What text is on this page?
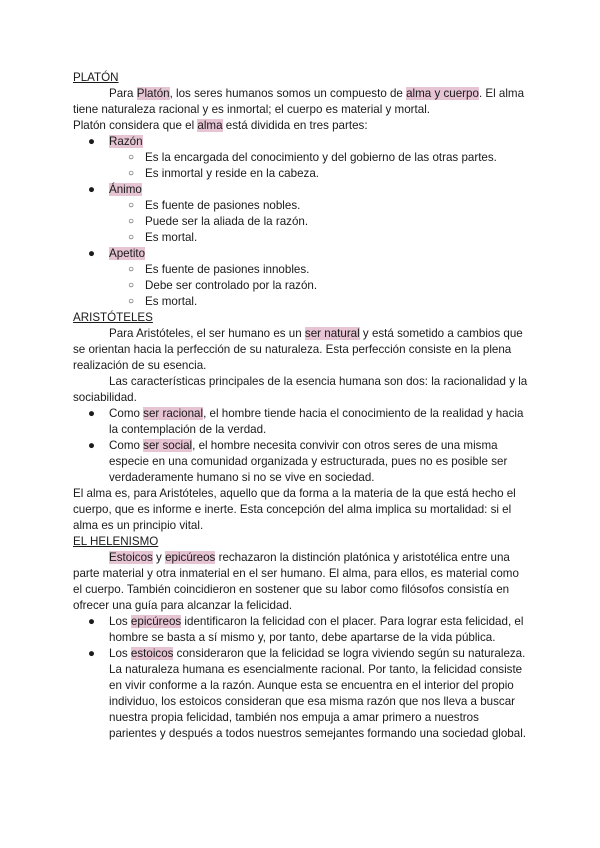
PLATÓN

Para Platón, los seres humanos somos un compuesto de alma y cuerpo. El alma tiene naturaleza racional y es inmortal; el cuerpo es material y mortal.

Platón considera que el alma está dividida en tres partes:

● Razón
○ Es la encargada del conocimiento y del gobierno de las otras partes.
○ Es inmortal y reside en la cabeza.
● Ánimo
○ Es fuente de pasiones nobles.
○ Puede ser la aliada de la razón.
○ Es mortal.
● Apetito
○ Es fuente de pasiones innobles.
○ Debe ser controlado por la razón.
○ Es mortal.
ARISTÓTELES

Para Aristóteles, el ser humano es un ser natural y está sometido a cambios que se orientan hacia la perfección de su naturaleza. Esta perfección consiste en la plena realización de su esencia.

Las características principales de la esencia humana son dos: la racionalidad y la sociabilidad.

● Como ser racional, el hombre tiende hacia el conocimiento de la realidad y hacia la contemplación de la verdad.
● Como ser social, el hombre necesita convivir con otros seres de una misma especie en una comunidad organizada y estructurada, pues no es posible ser verdaderamente humano si no se vive en sociedad.

El alma es, para Aristóteles, aquello que da forma a la materia de la que está hecho el cuerpo, que es informe e inerte. Esta concepción del alma implica su mortalidad: si el alma es un principio vital.

EL HELENISMO

Estoicos y epicúreos rechazaron la distinción platónica y aristotélica entre una parte material y otra inmaterial en el ser humano. El alma, para ellos, es material como el cuerpo. También coincidieron en sostener que su labor como filósofos consistía en ofrecer una guía para alcanzar la felicidad.

● Los epicúreos identificaron la felicidad con el placer. Para lograr esta felicidad, el hombre se basta a sí mismo y, por tanto, debe apartarse de la vida pública.
● Los estoicos consideraron que la felicidad se logra viviendo según su naturaleza. La naturaleza humana es esencialmente racional. Por tanto, la felicidad consiste en vivir conforme a la razón. Aunque esta se encuentra en el interior del propio individuo, los estoicos consideran que esa misma razón que nos lleva a buscar nuestra propia felicidad, también nos empuja a amar primero a nuestros parientes y después a todos nuestros semejantes formando una sociedad global.
